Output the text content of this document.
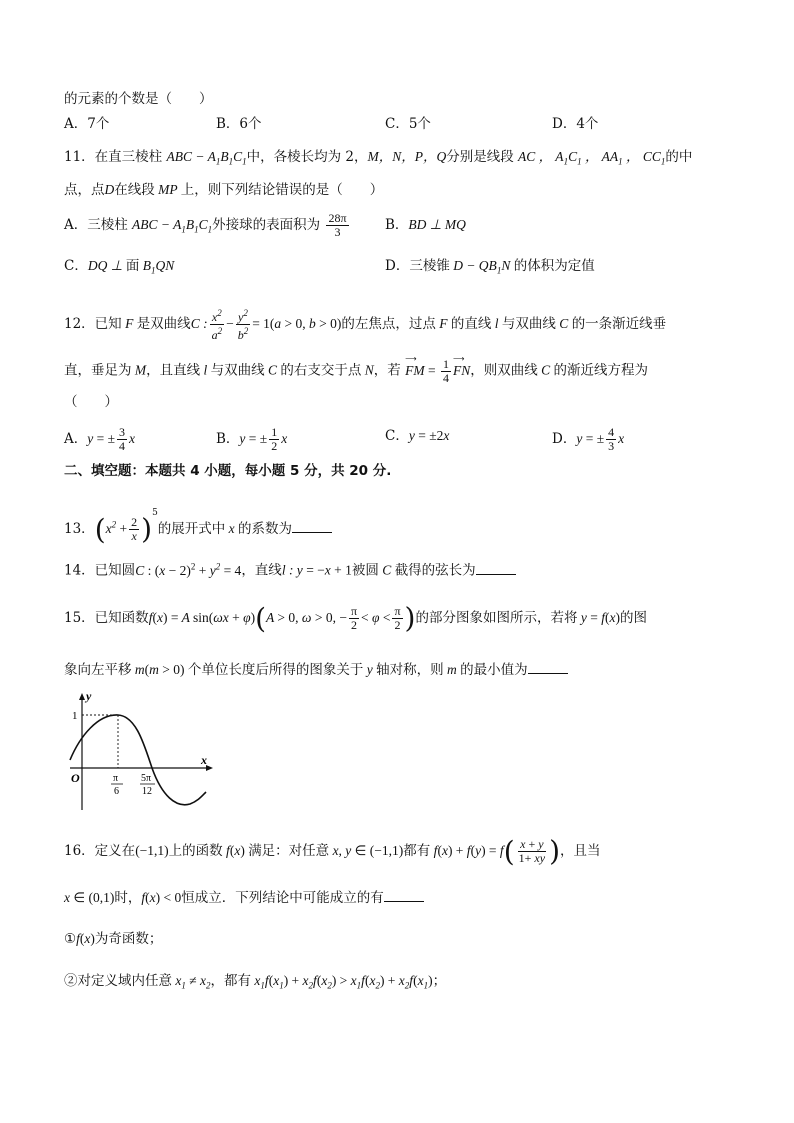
的元素的个数是（　　）
A．7个	B．6个	C．5个	D．4个
11．在直三棱柱 ABC − $A_1B_1C_1$中，各棱长均为 2，M，N，P，Q分别是线段 AC ， $A_1C_1$ ， $AA_1$ ， $CC_1$的中
点，点D在线段 MP 上，则下列结论错误的是（　　）
A．三棱柱 ABC − $A_1B_1C_1$外接球的表面积为 $\frac{28\pi}{3}$	B．BD ⊥ MQ
C．DQ ⊥ 面 $B_1QN$	D．三棱锥 $D - QB_1N$ 的体积为定值
12．已知 F 是双曲线C : $\frac{x^2}{a^2} - \frac{y^2}{b^2} = 1(a > 0$, b > 0)的左焦点，过点 F 的直线 l 与双曲线 C 的一条渐近线垂
直，垂足为 M，且直线 l 与双曲线 C 的右支交于点 N，若 FM
⟶
= $\frac{1}{4}$ FN
⟶
，则双曲线 C 的渐近线方程为
（　　）
A．y = ± $\frac{3}{4}$ x	B．y = ± $\frac{1}{2}$ x	C．y = ±2x	D．y = ± $\frac{4}{3}$ x
二、填空题：本题共 4 小题，每小题 5 分，共 20 分.
13．$(x^2 + \frac{2}{x} )^5$的展开式中 x 的系数为
14．已知圆C : $(x - 2)^2 + y^2 = 4$，直线l : y = −x + 1被圆 C 截得的弦长为
15．已知函数f(x) = A sin(ωx + φ)(A > 0, ω > 0, − $\frac{\pi}{2} < \varphi < \frac{\pi}{2}$ )的部分图象如图所示，若将 y = f(x)的图
象向左平移 m(m > 0) 个单位长度后所得的图象关于 y 轴对称，则 m 的最小值为
y
x
O
1
π
6
5π
12
16．定义在(−1,1)上的函数 f(x) 满足：对任意 x, y ∈ (−1,1)都有 $f(x) + f(y) = f( \frac{x + y}{1+ xy}$ )，且当
x ∈ (0,1)时，f(x) < 0恒成立．下列结论中可能成立的有
①f(x)为奇函数；
②对定义域内任意 $x_1 \ne x_2$，都有 $x_1f(x_1) + x_2f(x_2) > x_1f(x_2) + x_2f(x_1)$；
